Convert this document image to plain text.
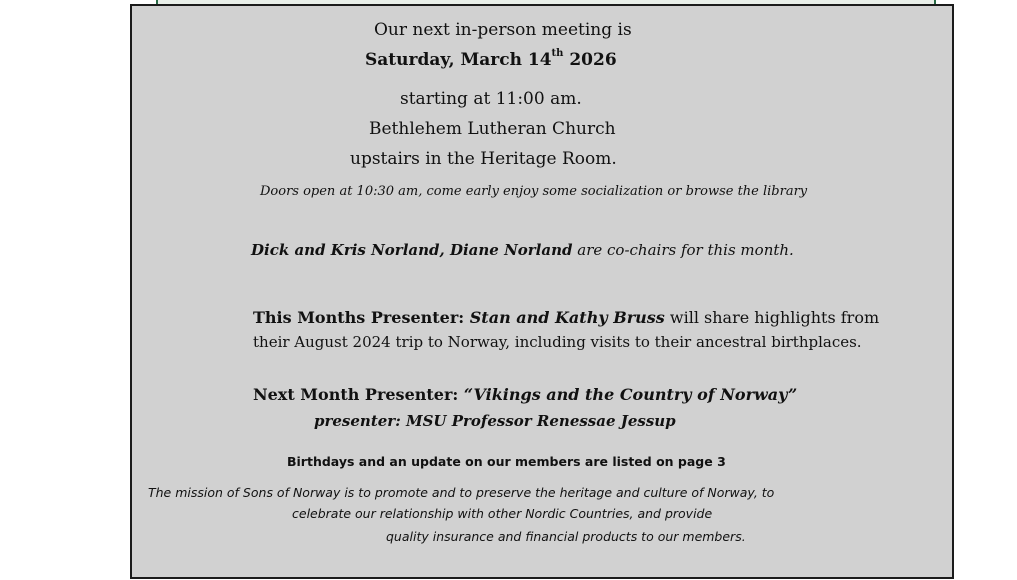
Our next in-person meeting is
Saturday, March 14th 2026
starting at 11:00 am.
Bethlehem Lutheran Church
upstairs in the Heritage Room.
Doors open at 10:30 am, come early enjoy some socialization or browse the library
Dick and Kris Norland, Diane Norland are co-chairs for this month.
This Months Presenter: Stan and Kathy Bruss will share highlights from
their August 2024 trip to Norway, including visits to their ancestral birthplaces.
Next Month Presenter: “Vikings and the Country of Norway”
presenter: MSU Professor Renessae Jessup
Birthdays and an update on our members are listed on page 3
The mission of Sons of Norway is to promote and to preserve the heritage and culture of Norway, to
celebrate our relationship with other Nordic Countries, and provide
quality insurance and financial products to our members.
